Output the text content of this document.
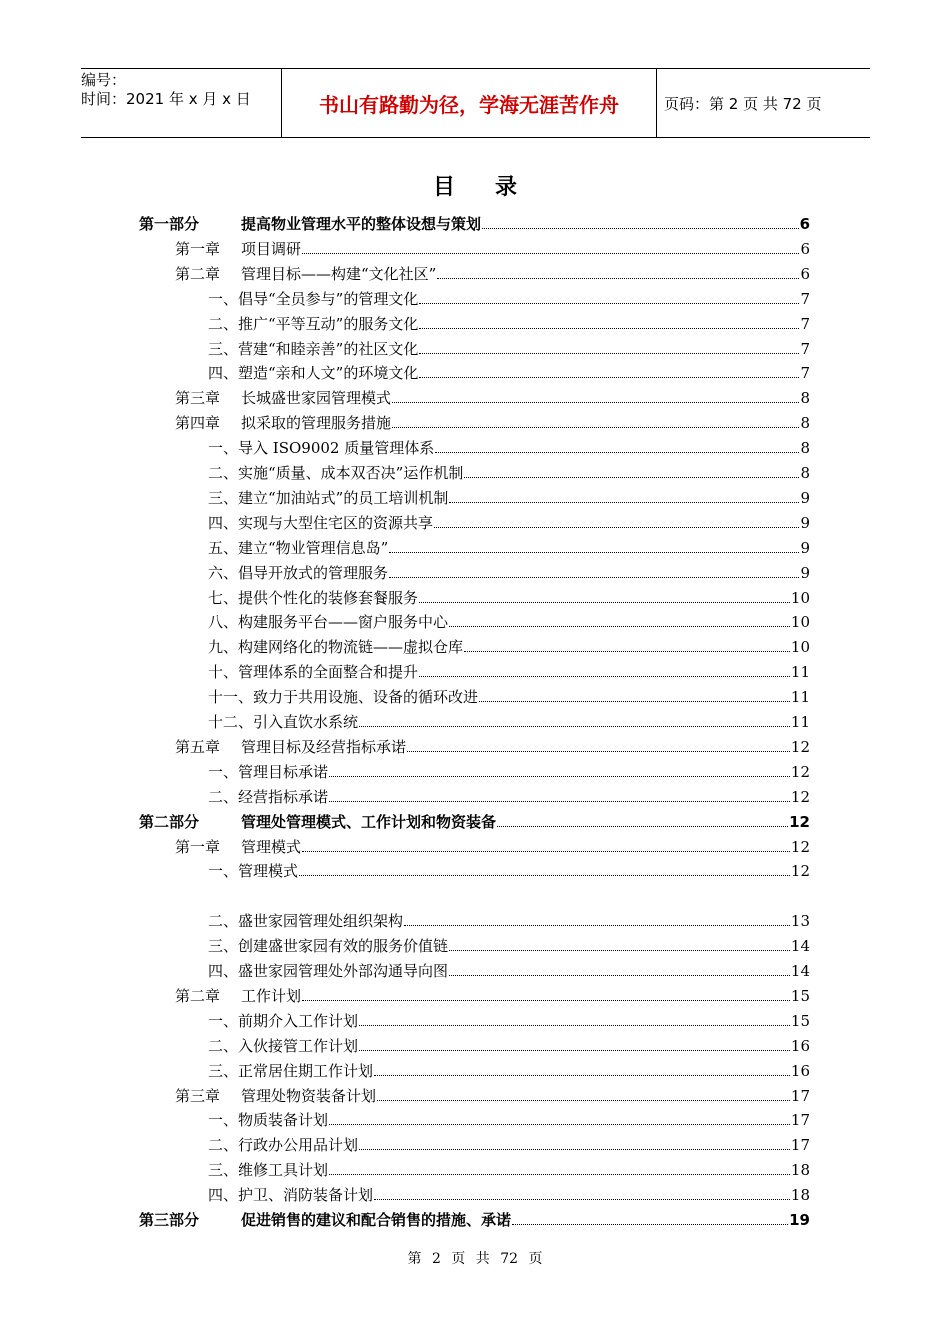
编号：
时间：2021 年 x 月 x 日	书山有路勤为径，学海无涯苦作舟	页码：第 2 页 共 72 页
目录
第一部分	提高物业管理水平的整体设想与策划	6
第一章	项目调研	6
第二章	管理目标——构建“文化社区”	6
一、 倡导“全员参与”的管理文化	7
二、 推广“平等互动”的服务文化	7
三、 营建“和睦亲善”的社区文化	7
四、 塑造“亲和人文”的环境文化	7
第三章	长城盛世家园管理模式	8
第四章	拟采取的管理服务措施	8
一、 导入 ISO9002 质量管理体系	8
二、 实施“质量、成本双否决”运作机制	8
三、 建立“加油站式”的员工培训机制	9
四、 实现与大型住宅区的资源共享	9
五、 建立“物业管理信息岛”	9
六、 倡导开放式的管理服务	9
七、 提供个性化的装修套餐服务	10
八、 构建服务平台——窗户服务中心	10
九、 构建网络化的物流链——虚拟仓库	10
十、 管理体系的全面整合和提升	11
十一、 致力于共用设施、设备的循环改进	11
十二、 引入直饮水系统	11
第五章	管理目标及经营指标承诺	12
一、 管理目标承诺	12
二、 经营指标承诺	12
第二部分	管理处管理模式、工作计划和物资装备	12
第一章	管理模式	12
一、 管理模式	12
二、 盛世家园管理处组织架构	13
三、 创建盛世家园有效的服务价值链	14
四、 盛世家园管理处外部沟通导向图	14
第二章	工作计划	15
一、 前期介入工作计划	15
二、 入伙接管工作计划	16
三、 正常居住期工作计划	16
第三章	管理处物资装备计划	17
一、 物质装备计划	17
二、 行政办公用品计划	17
三、 维修工具计划	18
四、 护卫、消防装备计划	18
第三部分	促进销售的建议和配合销售的措施、承诺	19
第 2 页 共 72 页
